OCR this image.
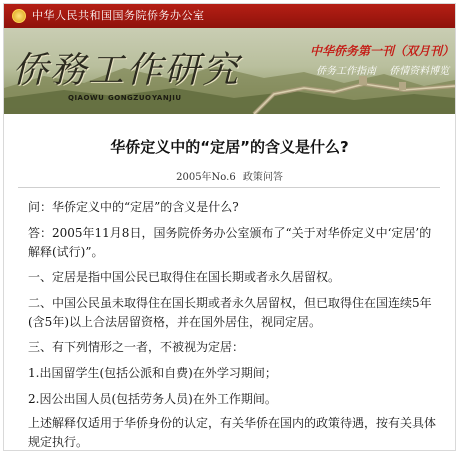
中华人民共和国国务院侨务办公室
侨務工作研究
QIAOWU GONGZUO YANJIU
中华侨务第一刊（双月刊）
侨务工作指南 侨情资料博览
华侨定义中的“定居”的含义是什么?
2005年No.6 政策问答
问：华侨定义中的“定居”的含义是什么?
答：2005年11月8日，国务院侨务办公室颁布了“关于对华侨定义中‘定居’的解释(试行)”。
一、定居是指中国公民已取得住在国长期或者永久居留权。
二、中国公民虽未取得住在国长期或者永久居留权，但已取得住在国连续5年(含5年)以上合法居留资格，并在国外居住，视同定居。
三、有下列情形之一者，不被视为定居：
1.出国留学生(包括公派和自费)在外学习期间；
2.因公出国人员(包括劳务人员)在外工作期间。
上述解释仅适用于华侨身份的认定，有关华侨在国内的政策待遇，按有关具体规定执行。
